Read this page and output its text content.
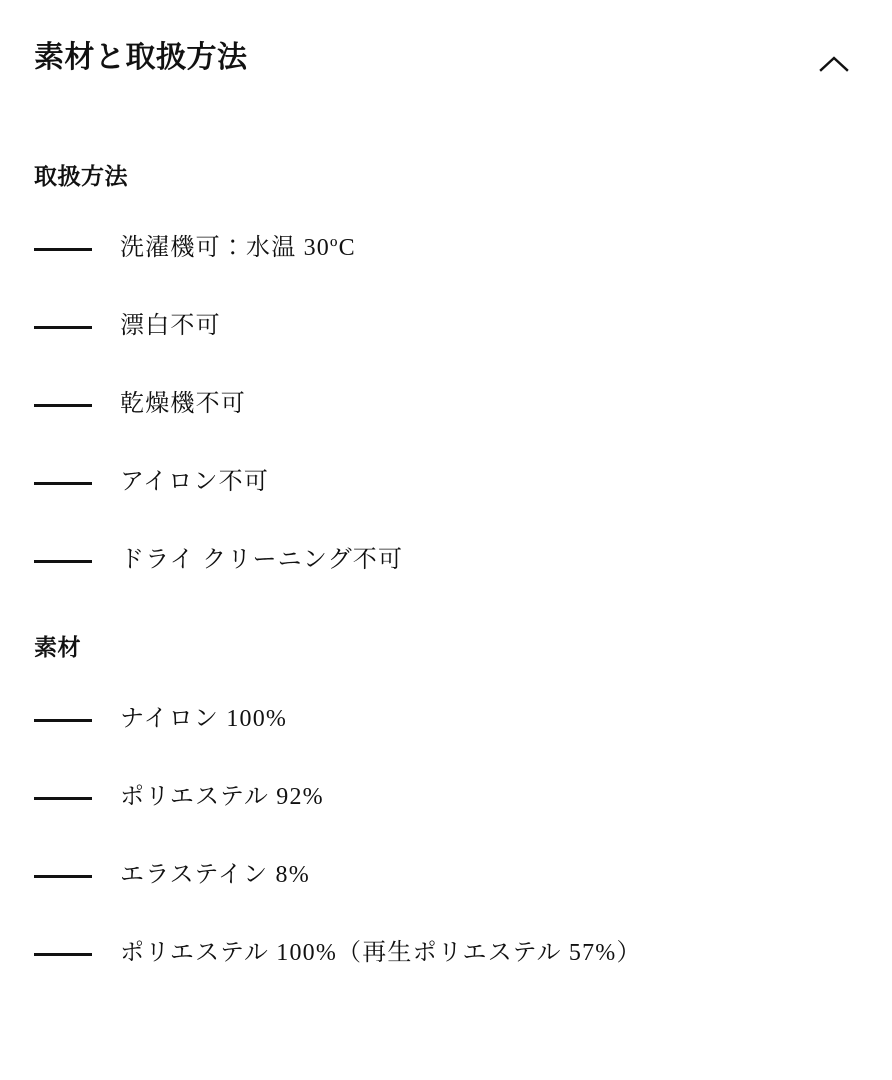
素材と取扱方法
取扱方法
洗濯機可：水温 30ºC
漂白不可
乾燥機不可
アイロン不可
ドライ クリーニング不可
素材
ナイロン 100%
ポリエステル 92%
エラステイン 8%
ポリエステル 100%（再生ポリエステル 57%）
